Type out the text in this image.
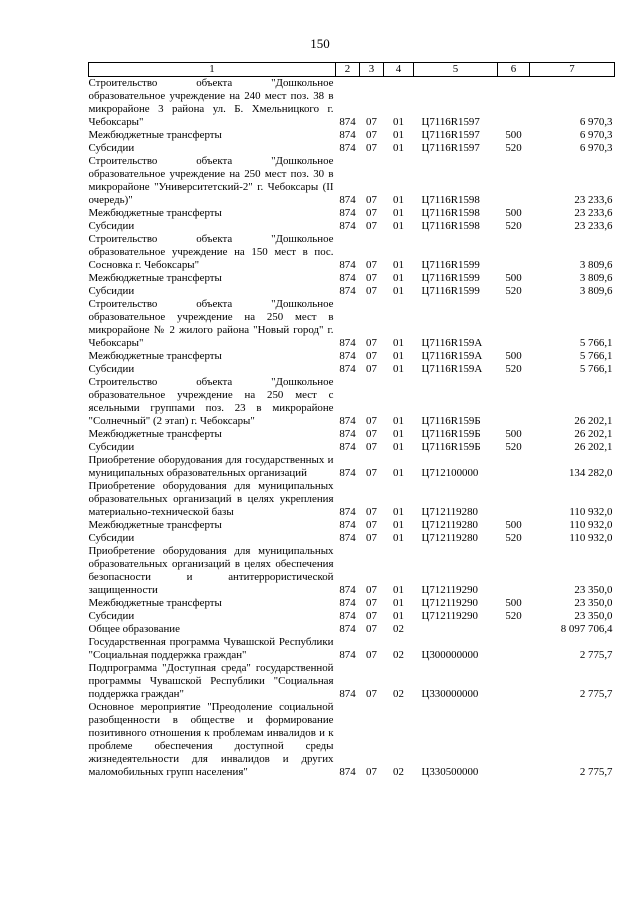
150
1	2	3	4	5	6	7
Строительство объекта "Дошкольное образовательное учреждение на 240 мест поз. 38 в микрорайоне 3 района ул. Б. Хмельницкого г. Чебоксары"	874	07	01	Ц7116R1597		6 970,3
Межбюджетные трансферты	874	07	01	Ц7116R1597	500	6 970,3
Субсидии	874	07	01	Ц7116R1597	520	6 970,3
Строительство объекта "Дошкольное образовательное учреждение на 250 мест поз. 30 в микрорайоне "Университетский-2" г. Чебоксары (II очередь)"	874	07	01	Ц7116R1598		23 233,6
Межбюджетные трансферты	874	07	01	Ц7116R1598	500	23 233,6
Субсидии	874	07	01	Ц7116R1598	520	23 233,6
Строительство объекта "Дошкольное образовательное учреждение на 150 мест в пос. Сосновка г. Чебоксары"	874	07	01	Ц7116R1599		3 809,6
Межбюджетные трансферты	874	07	01	Ц7116R1599	500	3 809,6
Субсидии	874	07	01	Ц7116R1599	520	3 809,6
Строительство объекта "Дошкольное образовательное учреждение на 250 мест в микрорайоне № 2 жилого района "Новый город" г. Чебоксары"	874	07	01	Ц7116R159А		5 766,1
Межбюджетные трансферты	874	07	01	Ц7116R159А	500	5 766,1
Субсидии	874	07	01	Ц7116R159А	520	5 766,1
Строительство объекта "Дошкольное образовательное учреждение на 250 мест с ясельными группами поз. 23 в микрорайоне "Солнечный" (2 этап) г. Чебоксары"	874	07	01	Ц7116R159Б		26 202,1
Межбюджетные трансферты	874	07	01	Ц7116R159Б	500	26 202,1
Субсидии	874	07	01	Ц7116R159Б	520	26 202,1
Приобретение оборудования для государственных и муниципальных образовательных организаций	874	07	01	Ц712100000		134 282,0
Приобретение оборудования для муниципальных образовательных организаций в целях укрепления материально-технической базы	874	07	01	Ц712119280		110 932,0
Межбюджетные трансферты	874	07	01	Ц712119280	500	110 932,0
Субсидии	874	07	01	Ц712119280	520	110 932,0
Приобретение оборудования для муниципальных образовательных организаций в целях обеспечения безопасности и антитеррористической защищенности	874	07	01	Ц712119290		23 350,0
Межбюджетные трансферты	874	07	01	Ц712119290	500	23 350,0
Субсидии	874	07	01	Ц712119290	520	23 350,0
Общее образование	874	07	02			8 097 706,4
Государственная программа Чувашской Республики "Социальная поддержка граждан"	874	07	02	Ц300000000		2 775,7
Подпрограмма "Доступная среда" государственной программы Чувашской Республики "Социальная поддержка граждан"	874	07	02	Ц330000000		2 775,7
Основное мероприятие "Преодоление социальной разобщенности в обществе и формирование позитивного отношения к проблемам инвалидов и к проблеме обеспечения доступной среды жизнедеятельности для инвалидов и других маломобильных групп населения"	874	07	02	Ц330500000		2 775,7
